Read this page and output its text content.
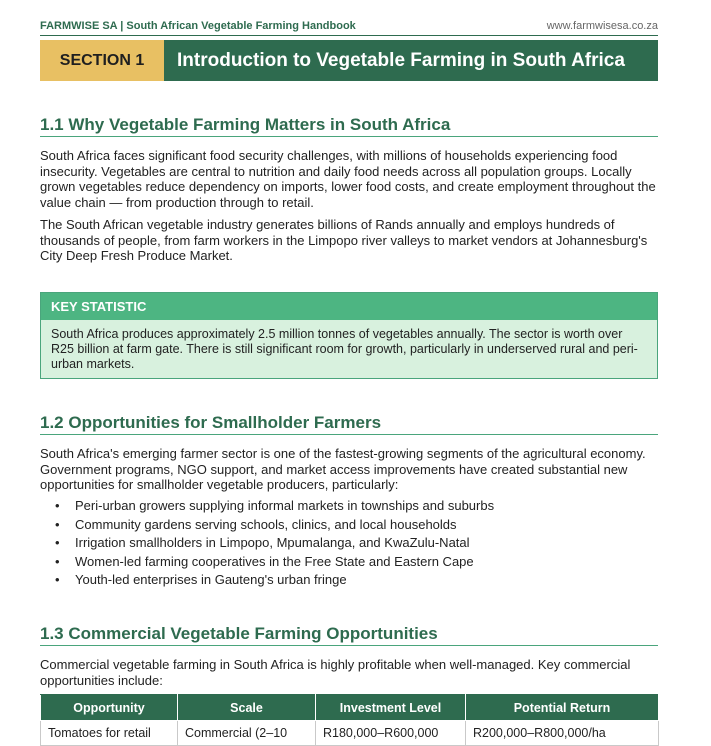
FARMWISE SA | South African Vegetable Farming Handbook	www.farmwisesa.co.za
SECTION 1	Introduction to Vegetable Farming in South Africa
1.1 Why Vegetable Farming Matters in South Africa

South Africa faces significant food security challenges, with millions of households experiencing food insecurity. Vegetables are central to nutrition and daily food needs across all population groups. Locally grown vegetables reduce dependency on imports, lower food costs, and create employment throughout the value chain — from production through to retail.

The South African vegetable industry generates billions of Rands annually and employs hundreds of thousands of people, from farm workers in the Limpopo river valleys to market vendors at Johannesburg's City Deep Fresh Produce Market.

KEY STATISTIC
South Africa produces approximately 2.5 million tonnes of vegetables annually. The sector is worth over R25 billion at farm gate. There is still significant room for growth, particularly in underserved rural and peri-urban markets.
1.2 Opportunities for Smallholder Farmers

South Africa's emerging farmer sector is one of the fastest-growing segments of the agricultural economy. Government programs, NGO support, and market access improvements have created substantial new opportunities for smallholder vegetable producers, particularly:

• Peri-urban growers supplying informal markets in townships and suburbs
• Community gardens serving schools, clinics, and local households
• Irrigation smallholders in Limpopo, Mpumalanga, and KwaZulu-Natal
• Women-led farming cooperatives in the Free State and Eastern Cape
• Youth-led enterprises in Gauteng's urban fringe
1.3 Commercial Vegetable Farming Opportunities

Commercial vegetable farming in South Africa is highly profitable when well-managed. Key commercial opportunities include:

Opportunity	Scale	Investment Level	Potential Return
Tomatoes for retail	Commercial (2–10	R180,000–R600,000	R200,000–R800,000/ha
